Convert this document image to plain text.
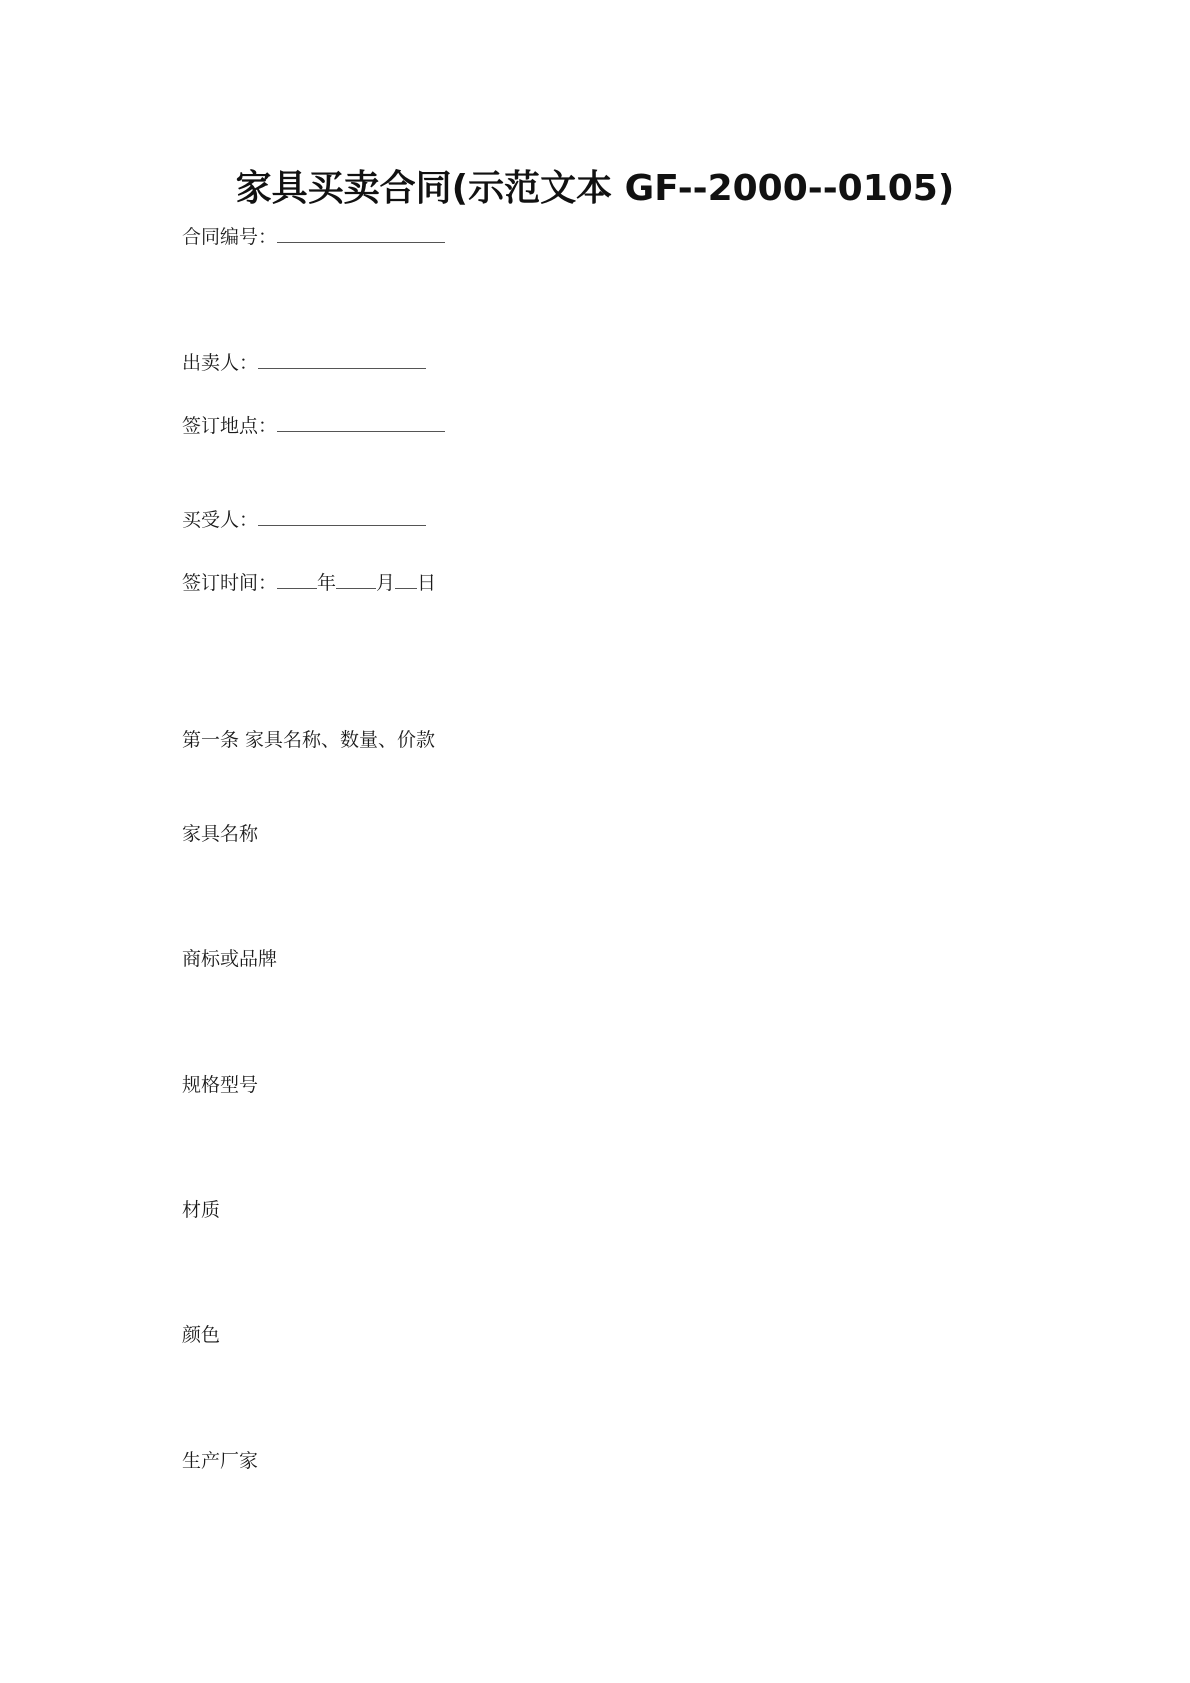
家具买卖合同(示范文本 GF--2000--0105)
合同编号：
出卖人：
签订地点：
买受人：
签订时间： 年 月 日
第一条 家具名称、数量、价款
家具名称
商标或品牌
规格型号
材质
颜色
生产厂家
